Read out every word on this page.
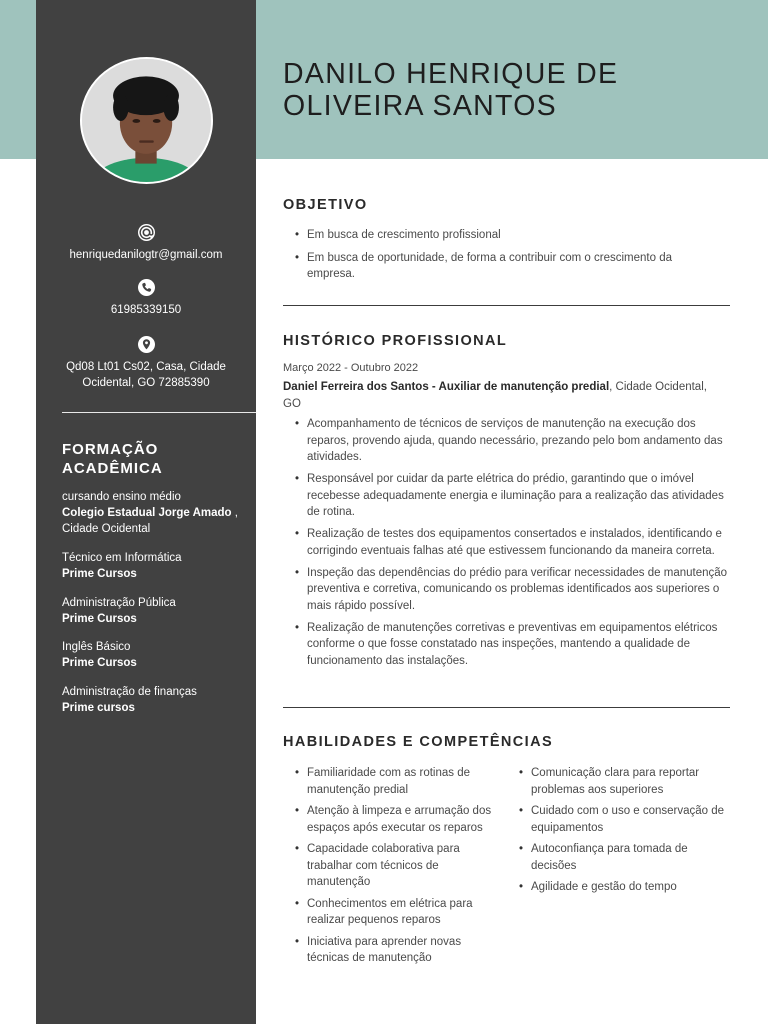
henriquedanilogtr@gmail.com
61985339150
Qd08 Lt01 Cs02, Casa, Cidade Ocidental, GO 72885390
FORMAÇÃO ACADÊMICA
cursando ensino médio
Colegio Estadual Jorge Amado , Cidade Ocidental
Técnico em Informática
Prime Cursos
Administração Pública
Prime Cursos
Inglês Básico
Prime Cursos
Administração de finanças
Prime cursos
DANILO HENRIQUE DE OLIVEIRA SANTOS
OBJETIVO
• Em busca de crescimento profissional
• Em busca de oportunidade, de forma a contribuir com o crescimento da empresa.
HISTÓRICO PROFISSIONAL
Março 2022 - Outubro 2022
Daniel Ferreira dos Santos - Auxiliar de manutenção predial, Cidade Ocidental, GO
• Acompanhamento de técnicos de serviços de manutenção na execução dos reparos, provendo ajuda, quando necessário, prezando pelo bom andamento das atividades.
• Responsável por cuidar da parte elétrica do prédio, garantindo que o imóvel recebesse adequadamente energia e iluminação para a realização das atividades de rotina.
• Realização de testes dos equipamentos consertados e instalados, identificando e corrigindo eventuais falhas até que estivessem funcionando da maneira correta.
• Inspeção das dependências do prédio para verificar necessidades de manutenção preventiva e corretiva, comunicando os problemas identificados aos superiores o mais rápido possível.
• Realização de manutenções corretivas e preventivas em equipamentos elétricos conforme o que fosse constatado nas inspeções, mantendo a qualidade de funcionamento das instalações.
HABILIDADES E COMPETÊNCIAS
• Familiaridade com as rotinas de manutenção predial
• Atenção à limpeza e arrumação dos espaços após executar os reparos
• Capacidade colaborativa para trabalhar com técnicos de manutenção
• Conhecimentos em elétrica para realizar pequenos reparos
• Iniciativa para aprender novas técnicas de manutenção
• Comunicação clara para reportar problemas aos superiores
• Cuidado com o uso e conservação de equipamentos
• Autoconfiança para tomada de decisões
• Agilidade e gestão do tempo
